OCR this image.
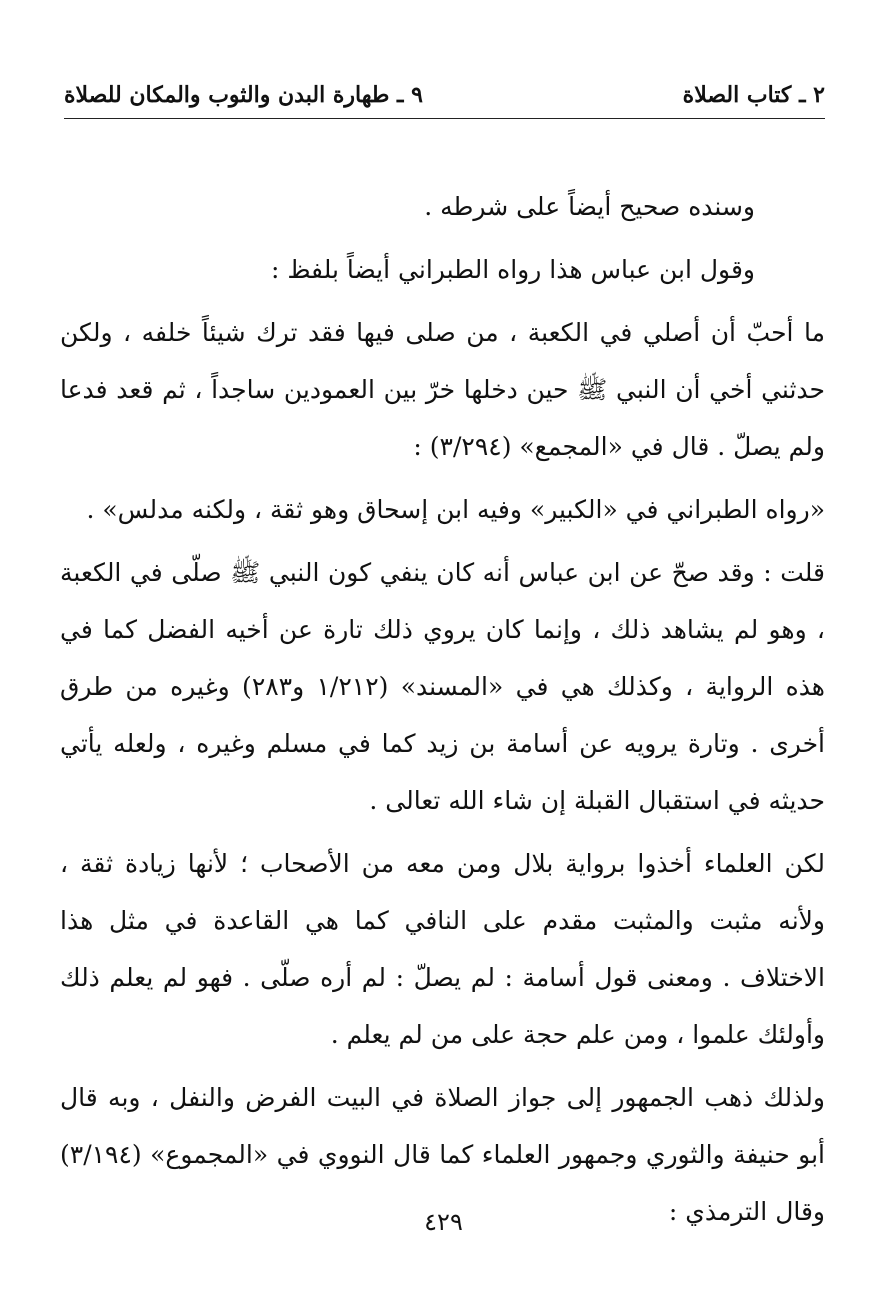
٢ ـ كتاب الصلاة
٩ ـ طهارة البدن والثوب والمكان للصلاة

وسنده صحيح أيضاً على شرطه .

وقول ابن عباس هذا رواه الطبراني أيضاً بلفظ :

ما أحبّ أن أصلي في الكعبة ، من صلى فيها فقد ترك شيئاً خلفه ، ولكن حدثني أخي أن النبي ﷺ حين دخلها خرّ بين العمودين ساجداً ، ثم قعد فدعا ولم يصلّ . قال في «المجمع» (٣/٢٩٤) :

«رواه الطبراني في «الكبير» وفيه ابن إسحاق وهو ثقة ، ولكنه مدلس» .

قلت : وقد صحّ عن ابن عباس أنه كان ينفي كون النبي ﷺ صلّى في الكعبة ، وهو لم يشاهد ذلك ، وإنما كان يروي ذلك تارة عن أخيه الفضل كما في هذه الرواية ، وكذلك هي في «المسند» (١/٢١٢ و٢٨٣) وغيره من طرق أخرى . وتارة يرويه عن أسامة بن زيد كما في مسلم وغيره ، ولعله يأتي حديثه في استقبال القبلة إن شاء الله تعالى .

لكن العلماء أخذوا برواية بلال ومن معه من الأصحاب ؛ لأنها زيادة ثقة ، ولأنه مثبت والمثبت مقدم على النافي كما هي القاعدة في مثل هذا الاختلاف . ومعنى قول أسامة : لم يصلّ : لم أره صلّى . فهو لم يعلم ذلك وأولئك علموا ، ومن علم حجة على من لم يعلم .

ولذلك ذهب الجمهور إلى جواز الصلاة في البيت الفرض والنفل ، وبه قال أبو حنيفة والثوري وجمهور العلماء كما قال النووي في «المجموع» (٣/١٩٤) وقال الترمذي :

٤٢٩
